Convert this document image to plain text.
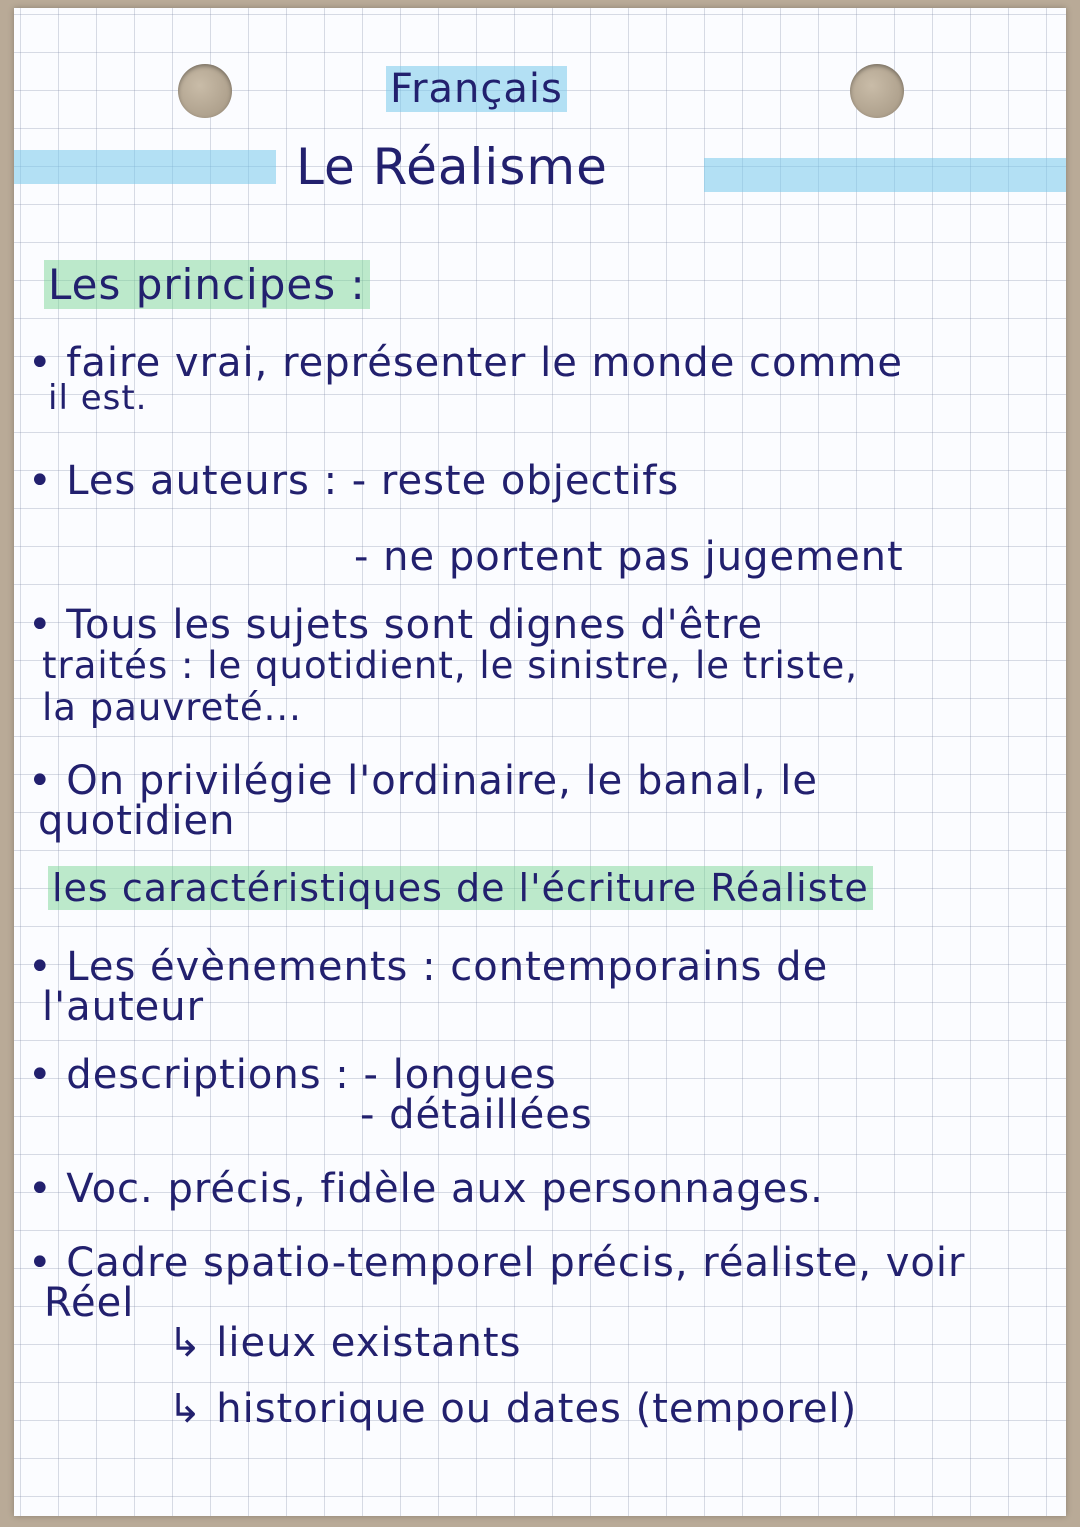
Français
Le Réalisme
Les principes :
• faire vrai, représenter le monde comme
il est.
• Les auteurs : - reste objectifs
- ne portent pas jugement
• Tous les sujets sont dignes d'être
traités : le quotidient, le sinistre, le triste,
la pauvreté...
• On privilégie l'ordinaire, le banal, le
quotidien
les caractéristiques de l'écriture Réaliste
• Les évènements : contemporains de
l'auteur
• descriptions : - longues
- détaillées
• Voc. précis, fidèle aux personnages.
• Cadre spatio-temporel précis, réaliste, voir
Réel
↳ lieux existants
↳ historique ou dates (temporel)
